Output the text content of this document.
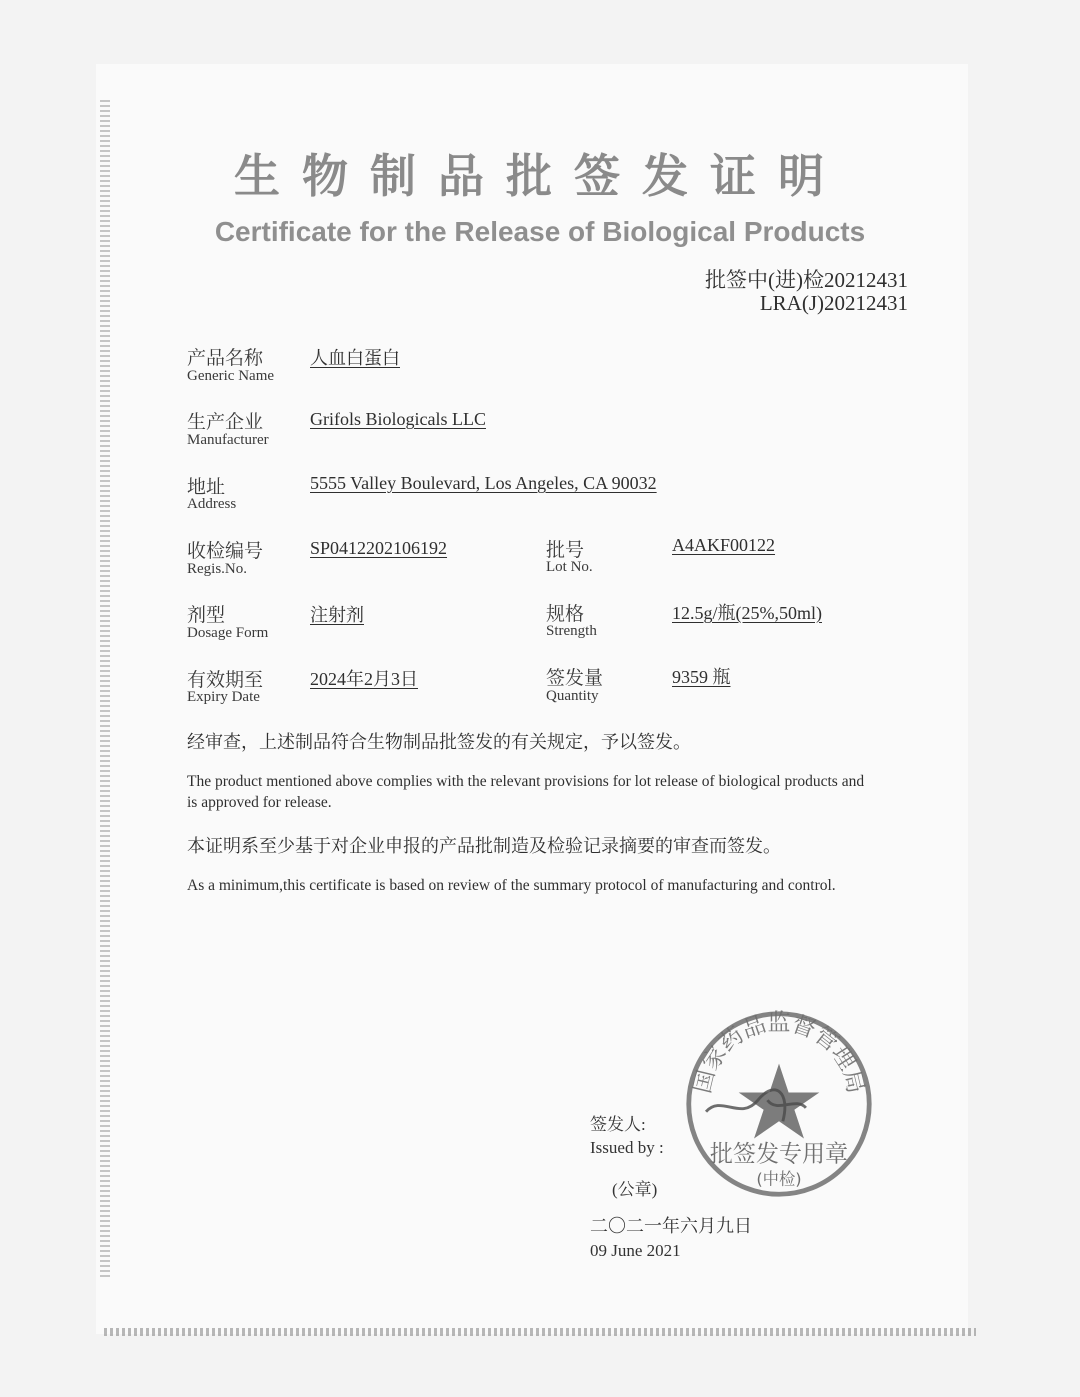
生物制品批签发证明
Certificate for the Release of Biological Products
批签中(进)检20212431
LRA(J)20212431
产品名称
Generic Name
人血白蛋白
生产企业
Manufacturer
Grifols Biologicals LLC
地址
Address
5555 Valley Boulevard, Los Angeles, CA 90032
收检编号
Regis.No.
SP0412202106192	批号
Lot No.
A4AKF00122
剂型
Dosage Form
注射剂	规格
Strength
12.5g/瓶(25%,50ml)
有效期至
Expiry Date
2024年2月3日	签发量
Quantity
9359 瓶
经审查，上述制品符合生物制品批签发的有关规定，予以签发。
The product mentioned above complies with the relevant provisions for lot release of biological products and is approved for release.
本证明系至少基于对企业申报的产品批制造及检验记录摘要的审查而签发。
As a minimum,this certificate is based on review of the summary protocol of manufacturing and control.
签发人:
Issued by :
(公章)
二〇二一年六月九日
09 June 2021
国家药品监督管理局
批签发专用章
(中检)
